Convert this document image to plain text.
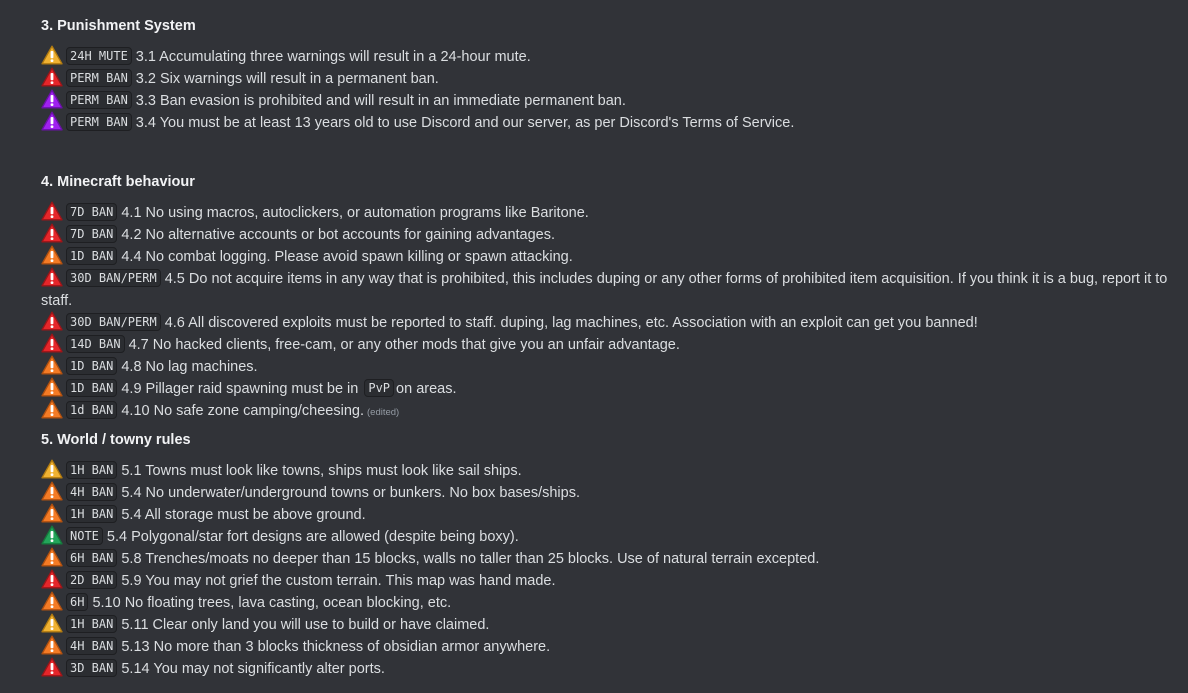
3. Punishment System
24H MUTE 3.1 Accumulating three warnings will result in a 24-hour mute.
PERM BAN 3.2 Six warnings will result in a permanent ban.
PERM BAN 3.3 Ban evasion is prohibited and will result in an immediate permanent ban.
PERM BAN 3.4 You must be at least 13 years old to use Discord and our server, as per Discord's Terms of Service.
4. Minecraft behaviour
7D BAN 4.1 No using macros, autoclickers, or automation programs like Baritone.
7D BAN 4.2 No alternative accounts or bot accounts for gaining advantages.
1D BAN 4.4 No combat logging. Please avoid spawn killing or spawn attacking.
30D BAN/PERM 4.5 Do not acquire items in any way that is prohibited, this includes duping or any other forms of prohibited item acquisition. If you think it is a bug, report it to staff.
30D BAN/PERM 4.6 All discovered exploits must be reported to staff. duping, lag machines, etc. Association with an exploit can get you banned!
14D BAN 4.7 No hacked clients, free-cam, or any other mods that give you an unfair advantage.
1D BAN 4.8 No lag machines.
1D BAN 4.9 Pillager raid spawning must be in PvP on areas.
1d BAN 4.10 No safe zone camping/cheesing. (edited)
5. World / towny rules
1H BAN 5.1 Towns must look like towns, ships must look like sail ships.
4H BAN 5.4 No underwater/underground towns or bunkers. No box bases/ships.
1H BAN 5.4 All storage must be above ground.
NOTE 5.4 Polygonal/star fort designs are allowed (despite being boxy).
6H BAN 5.8 Trenches/moats no deeper than 15 blocks, walls no taller than 25 blocks. Use of natural terrain excepted.
2D BAN 5.9 You may not grief the custom terrain. This map was hand made.
6H 5.10 No floating trees, lava casting, ocean blocking, etc.
1H BAN 5.11 Clear only land you will use to build or have claimed.
4H BAN 5.13 No more than 3 blocks thickness of obsidian armor anywhere.
3D BAN 5.14 You may not significantly alter ports.
